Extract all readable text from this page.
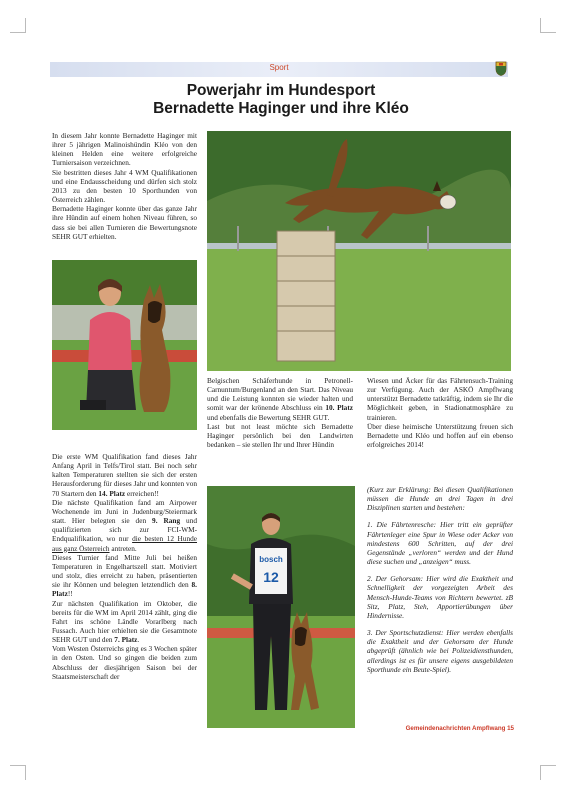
Sport
Powerjahr im Hundesport
Bernadette Haginger und ihre Kléo

In diesem Jahr konnte Bernadette Haginger mit ihrer 5 jährigen Malinoishündin Kléo von den kleinen Helden eine weitere erfolgreiche Turniersaison verzeichnen.

Sie bestritten dieses Jahr 4 WM Qualifikationen und eine Endausscheidung und dürfen sich stolz 2013 zu den besten 10 Sporthunden von Österreich zählen.

Bernadette Haginger konnte über das ganze Jahr ihre Hündin auf einem hohen Niveau führen, so dass sie bei allen Turnieren die Bewertungsnote SEHR GUT erhielten.

Die erste WM Qualifikation fand dieses Jahr Anfang April in Telfs/Tirol statt. Bei noch sehr kalten Temperaturen stellten sie sich der ersten Herausforderung für dieses Jahr und konnten von 70 Startern den 14. Platz erreichen!!

Die nächste Qualifikation fand am Airpower Wochenende im Juni in Judenburg/Steiermark statt. Hier belegten sie den 9. Rang und qualifizierten sich zur FCI-WM-Endqualifikation, wo nur die besten 12 Hunde aus ganz Österreich antreten.

Dieses Turnier fand Mitte Juli bei heißen Temperaturen in Engelhartszell statt. Motiviert und stolz, dies erreicht zu haben, präsentierten sie ihr Können und belegten letztendlich den 8. Platz!!

Zur nächsten Qualifikation im Oktober, die bereits für die WM im April 2014 zählt, ging die Fahrt ins schöne Ländle Vorarlberg nach Fussach. Auch hier erhielten sie die Gesamtnote SEHR GUT und den 7. Platz.

Vom Westen Österreichs ging es 3 Wochen später in den Osten. Und so gingen die beiden zum Abschluss der diesjährigen Saison bei der Staatsmeisterschaft der

Belgischen Schäferhunde in Petronell-Carnuntum/Burgenland an den Start. Das Niveau und die Leistung konnten sie wieder halten und somit war der krönende Abschluss ein 10. Platz und ebenfalls die Bewertung SEHR GUT.

Last but not least möchte sich Bernadette Haginger persönlich bei den Landwirten bedanken – sie stellen Ihr und Ihrer Hündin

Wiesen und Äcker für das Fährtensuch-Training zur Verfügung. Auch der ASKÖ Ampflwang unterstützt Bernadette tatkräftig, indem sie Ihr die Möglichkeit geben, in Stadionatmosphäre zu trainieren.

Über diese heimische Unterstützung freuen sich Bernadette und Kléo und hoffen auf ein ebenso erfolgreiches 2014!

bosch
12

(Kurz zur Erklärung: Bei diesen Qualifikationen müssen die Hunde an drei Tagen in drei Disziplinen starten und bestehen:

1. Die Fährtenresche: Hier tritt ein geprüfter Fährtenleger eine Spur in Wiese oder Acker von mindestens 600 Schritten, auf der drei Gegenstände „verloren“ werden und der Hund diese suchen und „anzeigen“ muss.

2. Der Gehorsam: Hier wird die Exaktheit und Schnelligkeit der vorgezeigten Arbeit des Mensch-Hunde-Teams von Richtern bewertet. zB Sitz, Platz, Steh, Apportierübungen über Hindernisse.

3. Der Sportschutzdienst: Hier werden ebenfalls die Exaktheit und der Gehorsam der Hunde abgeprüft (ähnlich wie bei Polizeidiensthunden, allerdings ist es für unsere eigens ausgebildeten Sporthunde ein Beute-Spiel).

Gemeindenachrichten Ampflwang 15
